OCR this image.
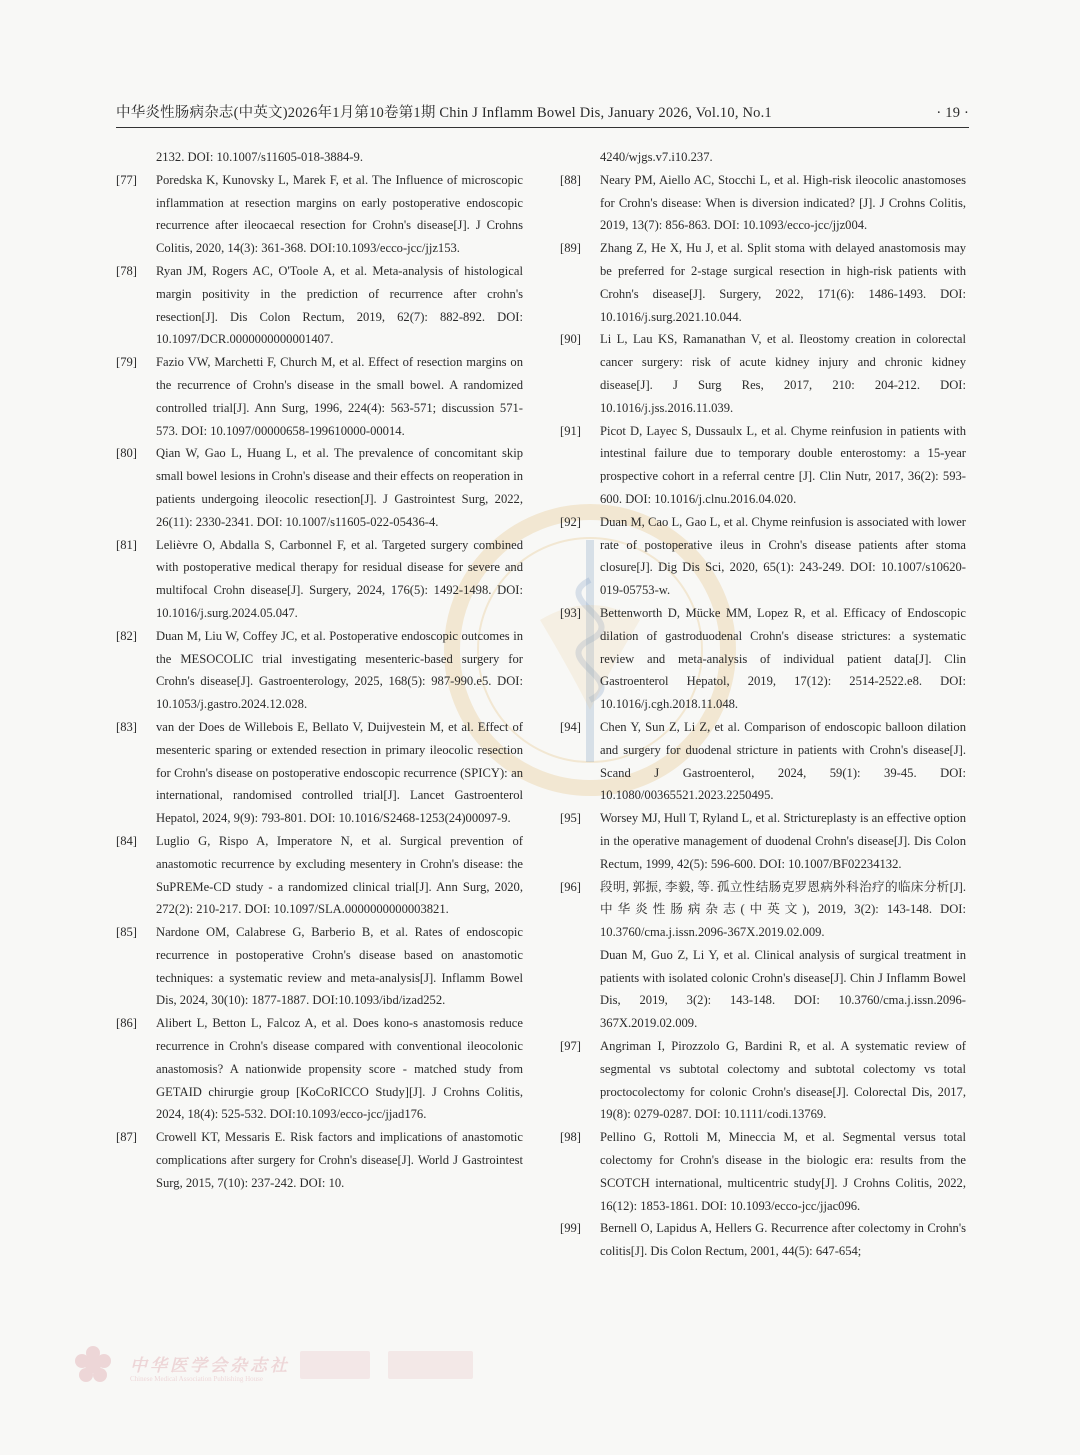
中华炎性肠病杂志(中英文)2026年1月第10卷第1期 Chin J Inflamm Bowel Dis, January 2026, Vol.10, No.1	· 19 ·
2132. DOI: 10.1007/s11605-018-3884-9.
[77] Poredska K, Kunovsky L, Marek F, et al. The Influence of microscopic inflammation at resection margins on early postoperative endoscopic recurrence after ileocaecal resection for Crohn's disease[J]. J Crohns Colitis, 2020, 14(3): 361-368. DOI:10.1093/ecco-jcc/jjz153.
[78] Ryan JM, Rogers AC, O'Toole A, et al. Meta-analysis of histological margin positivity in the prediction of recurrence after crohn's resection[J]. Dis Colon Rectum, 2019, 62(7): 882-892. DOI: 10.1097/DCR.0000000000001407.
[79] Fazio VW, Marchetti F, Church M, et al. Effect of resection margins on the recurrence of Crohn's disease in the small bowel. A randomized controlled trial[J]. Ann Surg, 1996, 224(4): 563-571; discussion 571-573. DOI: 10.1097/00000658-199610000-00014.
[80] Qian W, Gao L, Huang L, et al. The prevalence of concomitant skip small bowel lesions in Crohn's disease and their effects on reoperation in patients undergoing ileocolic resection[J]. J Gastrointest Surg, 2022, 26(11): 2330-2341. DOI: 10.1007/s11605-022-05436-4.
[81] Lelièvre O, Abdalla S, Carbonnel F, et al. Targeted surgery combined with postoperative medical therapy for residual disease for severe and multifocal Crohn disease[J]. Surgery, 2024, 176(5): 1492-1498. DOI: 10.1016/j.surg.2024.05.047.
[82] Duan M, Liu W, Coffey JC, et al. Postoperative endoscopic outcomes in the MESOCOLIC trial investigating mesenteric-based surgery for Crohn's disease[J]. Gastroenterology, 2025, 168(5): 987-990.e5. DOI: 10.1053/j.gastro.2024.12.028.
[83] van der Does de Willebois E, Bellato V, Duijvestein M, et al. Effect of mesenteric sparing or extended resection in primary ileocolic resection for Crohn's disease on postoperative endoscopic recurrence (SPICY): an international, randomised controlled trial[J]. Lancet Gastroenterol Hepatol, 2024, 9(9): 793-801. DOI: 10.1016/S2468-1253(24)00097-9.
[84] Luglio G, Rispo A, Imperatore N, et al. Surgical prevention of anastomotic recurrence by excluding mesentery in Crohn's disease: the SuPREMe-CD study - a randomized clinical trial[J]. Ann Surg, 2020, 272(2): 210-217. DOI: 10.1097/SLA.0000000000003821.
[85] Nardone OM, Calabrese G, Barberio B, et al. Rates of endoscopic recurrence in postoperative Crohn's disease based on anastomotic techniques: a systematic review and meta-analysis[J]. Inflamm Bowel Dis, 2024, 30(10): 1877-1887. DOI:10.1093/ibd/izad252.
[86] Alibert L, Betton L, Falcoz A, et al. Does kono-s anastomosis reduce recurrence in Crohn's disease compared with conventional ileocolonic anastomosis? A nationwide propensity score - matched study from GETAID chirurgie group [KoCoRICCO Study][J]. J Crohns Colitis, 2024, 18(4): 525-532. DOI:10.1093/ecco-jcc/jjad176.
[87] Crowell KT, Messaris E. Risk factors and implications of anastomotic complications after surgery for Crohn's disease[J]. World J Gastrointest Surg, 2015, 7(10): 237-242. DOI: 10.
4240/wjgs.v7.i10.237.
[88] Neary PM, Aiello AC, Stocchi L, et al. High-risk ileocolic anastomoses for Crohn's disease: When is diversion indicated? [J]. J Crohns Colitis, 2019, 13(7): 856-863. DOI: 10.1093/ecco-jcc/jjz004.
[89] Zhang Z, He X, Hu J, et al. Split stoma with delayed anastomosis may be preferred for 2-stage surgical resection in high-risk patients with Crohn's disease[J]. Surgery, 2022, 171(6): 1486-1493. DOI: 10.1016/j.surg.2021.10.044.
[90] Li L, Lau KS, Ramanathan V, et al. Ileostomy creation in colorectal cancer surgery: risk of acute kidney injury and chronic kidney disease[J]. J Surg Res, 2017, 210: 204-212. DOI: 10.1016/j.jss.2016.11.039.
[91] Picot D, Layec S, Dussaulx L, et al. Chyme reinfusion in patients with intestinal failure due to temporary double enterostomy: a 15-year prospective cohort in a referral centre [J]. Clin Nutr, 2017, 36(2): 593-600. DOI: 10.1016/j.clnu.2016.04.020.
[92] Duan M, Cao L, Gao L, et al. Chyme reinfusion is associated with lower rate of postoperative ileus in Crohn's disease patients after stoma closure[J]. Dig Dis Sci, 2020, 65(1): 243-249. DOI: 10.1007/s10620-019-05753-w.
[93] Bettenworth D, Mücke MM, Lopez R, et al. Efficacy of Endoscopic dilation of gastroduodenal Crohn's disease strictures: a systematic review and meta-analysis of individual patient data[J]. Clin Gastroenterol Hepatol, 2019, 17(12): 2514-2522.e8. DOI: 10.1016/j.cgh.2018.11.048.
[94] Chen Y, Sun Z, Li Z, et al. Comparison of endoscopic balloon dilation and surgery for duodenal stricture in patients with Crohn's disease[J]. Scand J Gastroenterol, 2024, 59(1): 39-45. DOI: 10.1080/00365521.2023.2250495.
[95] Worsey MJ, Hull T, Ryland L, et al. Strictureplasty is an effective option in the operative management of duodenal Crohn's disease[J]. Dis Colon Rectum, 1999, 42(5): 596-600. DOI: 10.1007/BF02234132.
[96] 段明, 郭振, 李毅, 等. 孤立性结肠克罗恩病外科治疗的临床分析[J]. 中华炎性肠病杂志(中英文), 2019, 3(2): 143-148. DOI: 10.3760/cma.j.issn.2096-367X.2019.02.009.
Duan M, Guo Z, Li Y, et al. Clinical analysis of surgical treatment in patients with isolated colonic Crohn's disease[J]. Chin J Inflamm Bowel Dis, 2019, 3(2): 143-148. DOI: 10.3760/cma.j.issn.2096-367X.2019.02.009.
[97] Angriman I, Pirozzolo G, Bardini R, et al. A systematic review of segmental vs subtotal colectomy and subtotal colectomy vs total proctocolectomy for colonic Crohn's disease[J]. Colorectal Dis, 2017, 19(8): 0279-0287. DOI: 10.1111/codi.13769.
[98] Pellino G, Rottoli M, Mineccia M, et al. Segmental versus total colectomy for Crohn's disease in the biologic era: results from the SCOTCH international, multicentric study[J]. J Crohns Colitis, 2022, 16(12): 1853-1861. DOI: 10.1093/ecco-jcc/jjac096.
[99] Bernell O, Lapidus A, Hellers G. Recurrence after colectomy in Crohn's colitis[J]. Dis Colon Rectum, 2001, 44(5): 647-654;
中华医学会杂志社
Chinese Medical Association Publishing House
